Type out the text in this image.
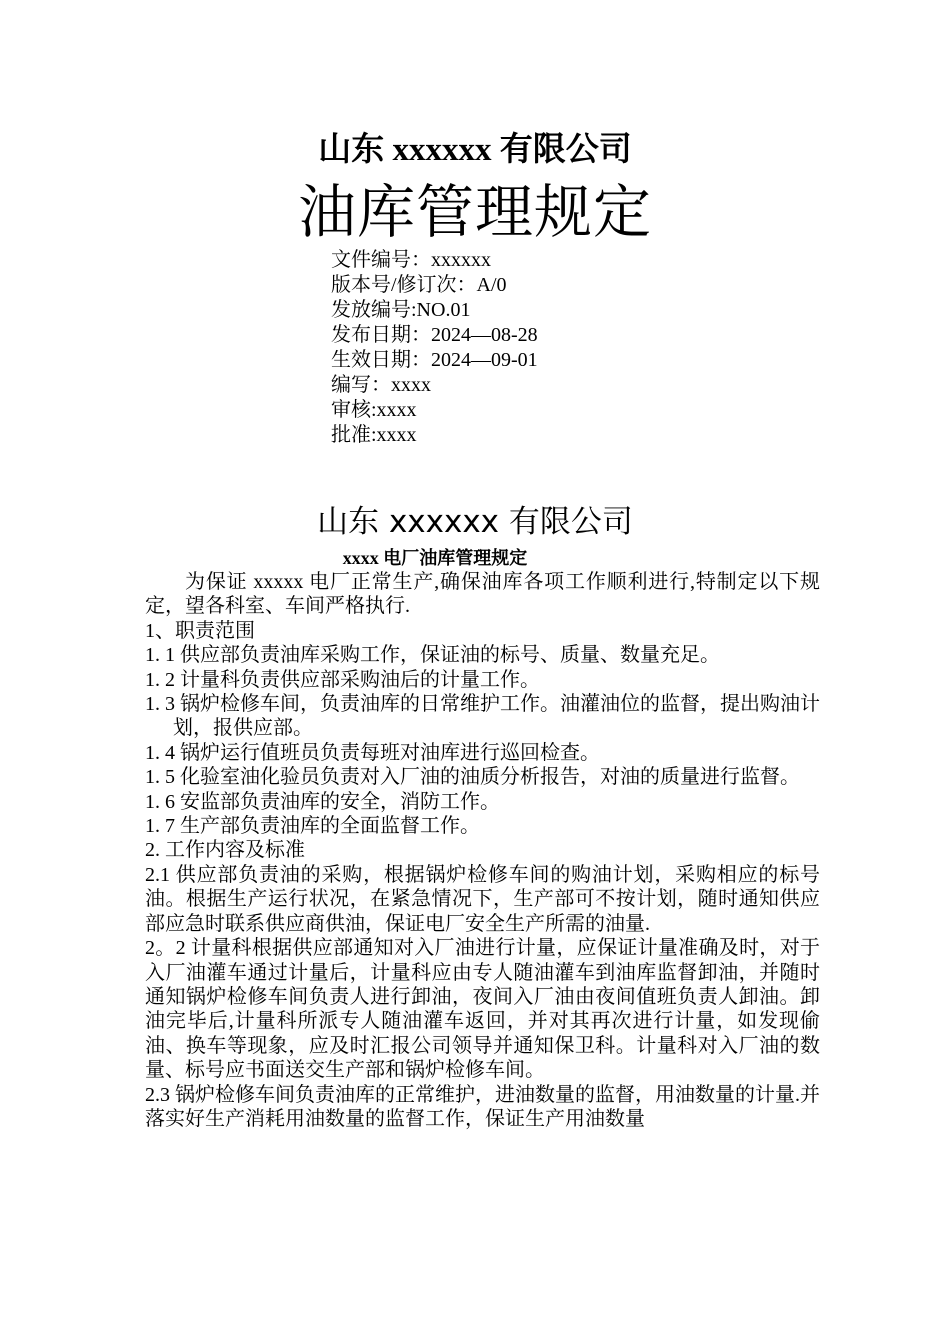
山东 xxxxxx 有限公司
油库管理规定
文件编号：xxxxxx
版本号/修订次：A/0
发放编号:NO.01
发布日期：2024—08-28
生效日期：2024—09-01
编写：xxxx
审核:xxxx
批准:xxxx
山东 xxxxxx 有限公司
xxxx 电厂油库管理规定

为保证 xxxxx 电厂正常生产,确保油库各项工作顺利进行,特制定以下规定，望各科室、车间严格执行.

1、职责范围

1. 1 供应部负责油库采购工作，保证油的标号、质量、数量充足。

1. 2 计量科负责供应部采购油后的计量工作。

1. 3 锅炉检修车间，负责油库的日常维护工作。油灌油位的监督，提出购油计划，报供应部。

1. 4 锅炉运行值班员负责每班对油库进行巡回检查。

1. 5 化验室油化验员负责对入厂油的油质分析报告，对油的质量进行监督。

1. 6 安监部负责油库的安全，消防工作。

1. 7 生产部负责油库的全面监督工作。

2. 工作内容及标准

2.1 供应部负责油的采购，根据锅炉检修车间的购油计划，采购相应的标号油。根据生产运行状况，在紧急情况下，生产部可不按计划，随时通知供应部应急时联系供应商供油，保证电厂安全生产所需的油量.

2。2 计量科根据供应部通知对入厂油进行计量，应保证计量准确及时，对于入厂油灌车通过计量后，计量科应由专人随油灌车到油库监督卸油，并随时通知锅炉检修车间负责人进行卸油，夜间入厂油由夜间值班负责人卸油。卸油完毕后,计量科所派专人随油灌车返回，并对其再次进行计量，如发现偷油、换车等现象，应及时汇报公司领导并通知保卫科。计量科对入厂油的数量、标号应书面送交生产部和锅炉检修车间。

2.3 锅炉检修车间负责油库的正常维护，进油数量的监督，用油数量的计量.并落实好生产消耗用油数量的监督工作，保证生产用油数量
